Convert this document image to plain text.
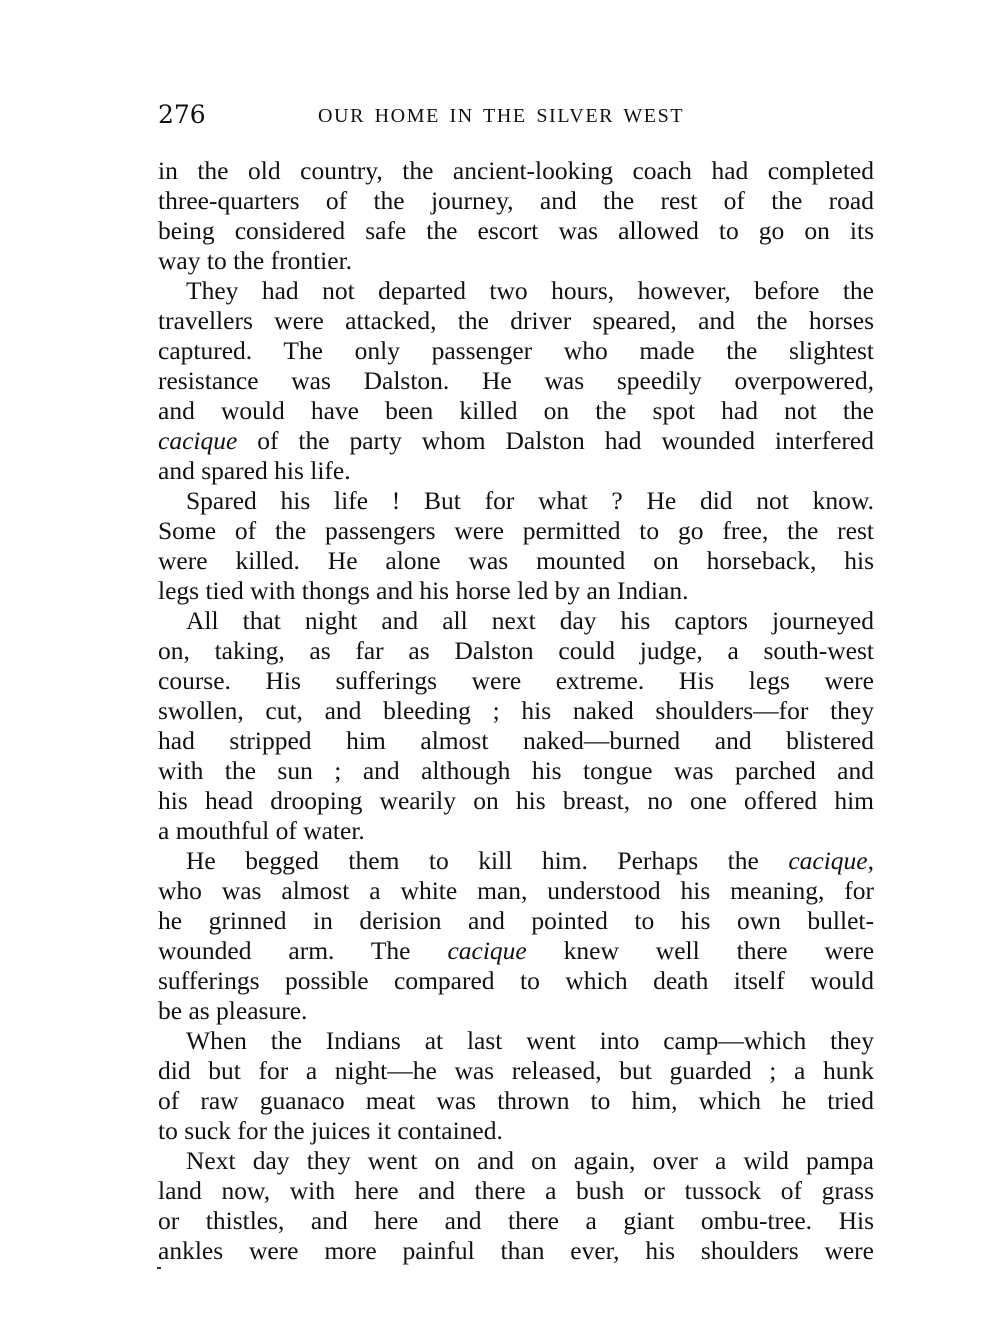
276	OUR HOME IN THE SILVER WEST
in the old country, the ancient-looking coach had completed
three-quarters of the journey, and the rest of the road
being considered safe the escort was allowed to go on its
way to the frontier.
They had not departed two hours, however, before the
travellers were attacked, the driver speared, and the horses
captured. The only passenger who made the slightest
resistance was Dalston. He was speedily overpowered,
and would have been killed on the spot had not the
cacique of the party whom Dalston had wounded interfered
and spared his life.
Spared his life ! But for what ? He did not know.
Some of the passengers were permitted to go free, the rest
were killed. He alone was mounted on horseback, his
legs tied with thongs and his horse led by an Indian.
All that night and all next day his captors journeyed
on, taking, as far as Dalston could judge, a south-west
course. His sufferings were extreme. His legs were
swollen, cut, and bleeding ; his naked shoulders—for they
had stripped him almost naked—burned and blistered
with the sun ; and although his tongue was parched and
his head drooping wearily on his breast, no one offered him
a mouthful of water.
He begged them to kill him. Perhaps the cacique,
who was almost a white man, understood his meaning, for
he grinned in derision and pointed to his own bullet-
wounded arm. The cacique knew well there were
sufferings possible compared to which death itself would
be as pleasure.
When the Indians at last went into camp—which they
did but for a night—he was released, but guarded ; a hunk
of raw guanaco meat was thrown to him, which he tried
to suck for the juices it contained.
Next day they went on and on again, over a wild pampa
land now, with here and there a bush or tussock of grass
or thistles, and here and there a giant ombu-tree. His
ankles were more painful than ever, his shoulders were
